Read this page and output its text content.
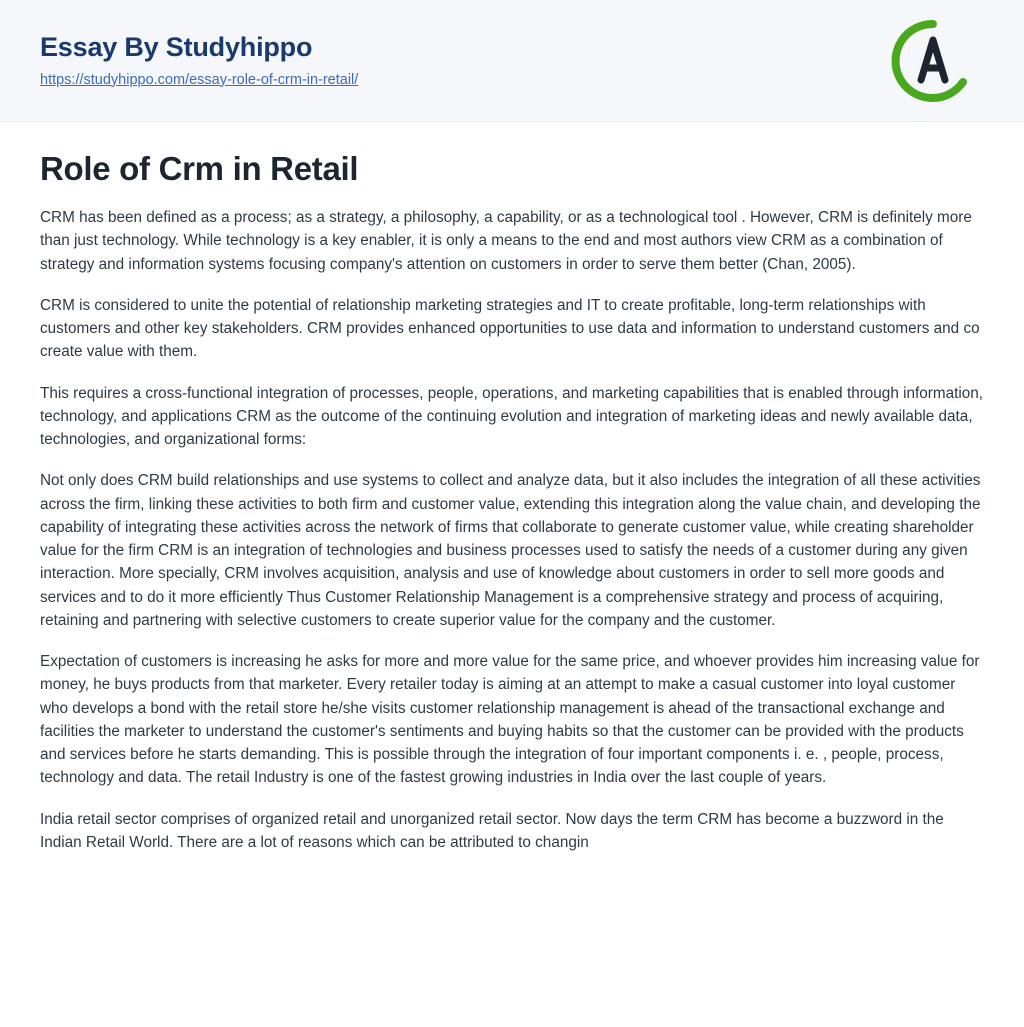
Essay By Studyhippo
https://studyhippo.com/essay-role-of-crm-in-retail/
Role of Crm in Retail

CRM has been defined as a process; as a strategy, a philosophy, a capability, or as a technological tool . However, CRM is definitely more than just technology. While technology is a key enabler, it is only a means to the end and most authors view CRM as a combination of strategy and information systems focusing company's attention on customers in order to serve them better (Chan, 2005).

CRM is considered to unite the potential of relationship marketing strategies and IT to create profitable, long-term relationships with customers and other key stakeholders. CRM provides enhanced opportunities to use data and information to understand customers and co create value with them.

This requires a cross-functional integration of processes, people, operations, and marketing capabilities that is enabled through information, technology, and applications CRM as the outcome of the continuing evolution and integration of marketing ideas and newly available data, technologies, and organizational forms:

Not only does CRM build relationships and use systems to collect and analyze data, but it also includes the integration of all these activities across the firm, linking these activities to both firm and customer value, extending this integration along the value chain, and developing the capability of integrating these activities across the network of firms that collaborate to generate customer value, while creating shareholder value for the firm CRM is an integration of technologies and business processes used to satisfy the needs of a customer during any given interaction. More specially, CRM involves acquisition, analysis and use of knowledge about customers in order to sell more goods and services and to do it more efficiently Thus Customer Relationship Management is a comprehensive strategy and process of acquiring, retaining and partnering with selective customers to create superior value for the company and the customer.

Expectation of customers is increasing he asks for more and more value for the same price, and whoever provides him increasing value for money, he buys products from that marketer. Every retailer today is aiming at an attempt to make a casual customer into loyal customer who develops a bond with the retail store he/she visits customer relationship management is ahead of the transactional exchange and facilities the marketer to understand the customer's sentiments and buying habits so that the customer can be provided with the products and services before he starts demanding. This is possible through the integration of four important components i. e. , people, process, technology and data. The retail Industry is one of the fastest growing industries in India over the last couple of years.

India retail sector comprises of organized retail and unorganized retail sector. Now days the term CRM has become a buzzword in the Indian Retail World. There are a lot of reasons which can be attributed to changin
